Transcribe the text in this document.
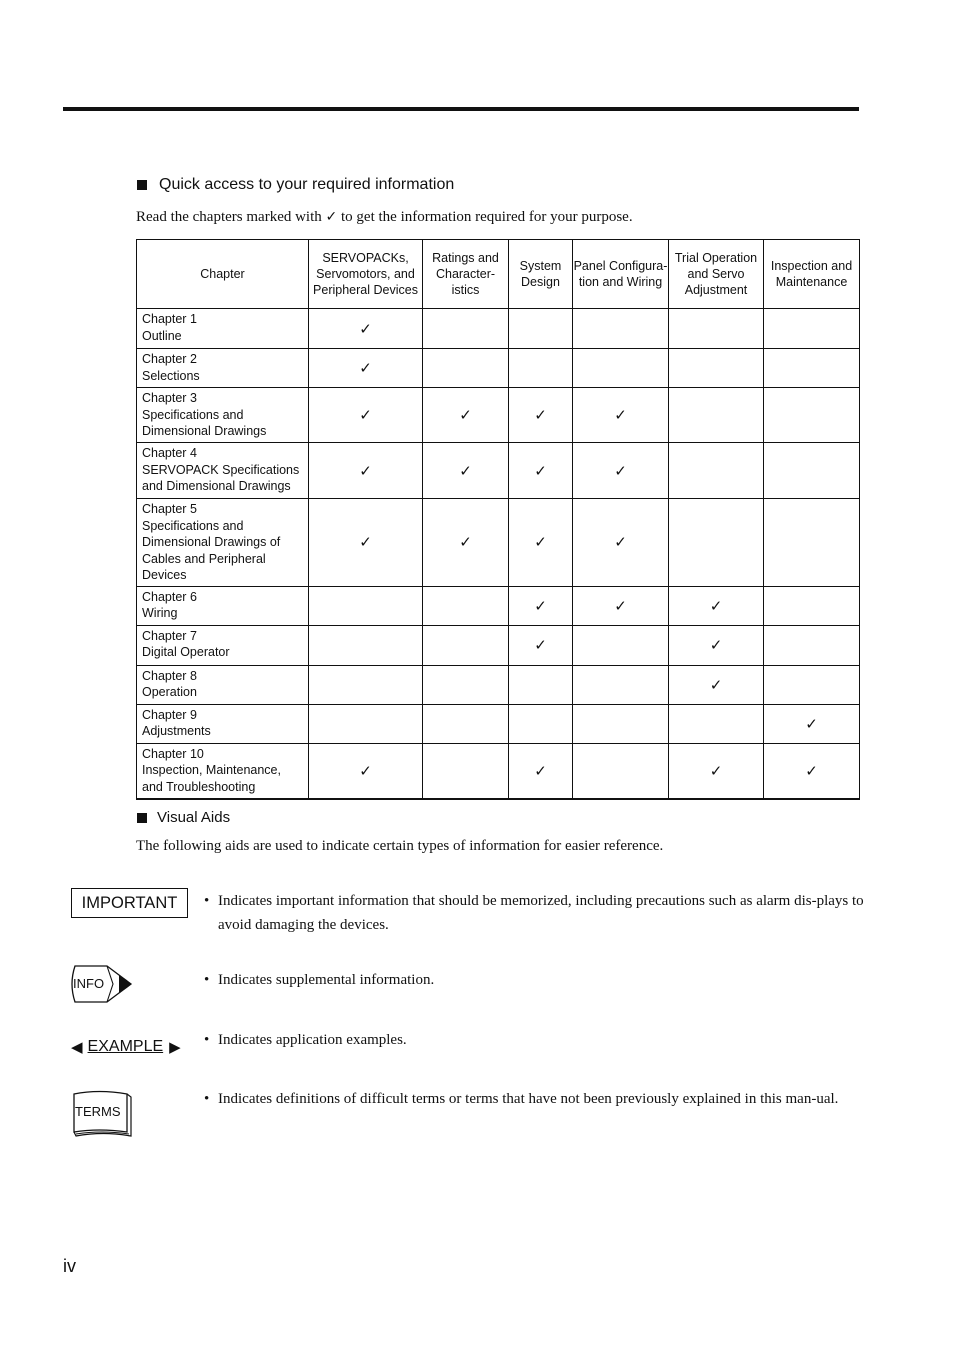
Quick access to your required information
Read the chapters marked with ✓ to get the information required for your purpose.
Chapter	SERVOPACKs, Servomotors, and Peripheral Devices	Ratings and Character-istics	System Design	Panel Configura-tion and Wiring	Trial Operation and Servo Adjustment	Inspection and Maintenance

Chapter 1
Outline	✓					

Chapter 2
Selections	✓					

Chapter 3
Specifications and Dimensional Drawings	✓	✓	✓	✓		

Chapter 4
SERVOPACK Specifications and Dimensional Drawings	✓	✓	✓	✓		

Chapter 5
Specifications and Dimensional Drawings of Cables and Peripheral Devices	✓	✓	✓	✓		

Chapter 6
Wiring			✓	✓	✓	

Chapter 7
Digital Operator			✓		✓	

Chapter 8
Operation					✓	

Chapter 9
Adjustments						✓

Chapter 10
Inspection, Maintenance, and Troubleshooting	✓		✓		✓	✓
Visual Aids
The following aids are used to indicate certain types of information for easier reference.
IMPORTANT • Indicates important information that should be memorized, including precautions such as alarm dis-plays to avoid damaging the devices.
INFO	• Indicates supplemental information.
◀ EXAMPLE ▶ • Indicates application examples.
TERMS
• Indicates definitions of difficult terms or terms that have not been previously explained in this man-ual.
iv
